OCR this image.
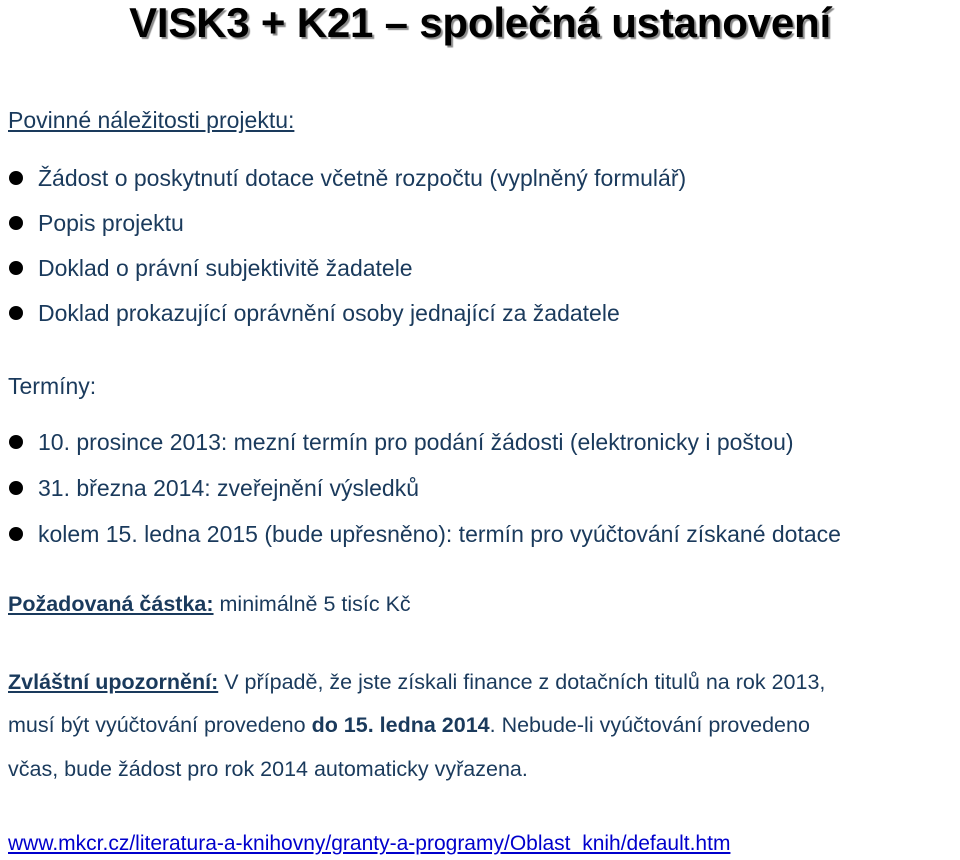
VISK3 + K21 – společná ustanovení
Povinné náležitosti projektu:
Žádost o poskytnutí dotace včetně rozpočtu (vyplněný formulář)
Popis projektu
Doklad o právní subjektivitě žadatele
Doklad prokazující oprávnění osoby jednající za žadatele
Termíny:
10. prosince 2013: mezní termín pro podání žádosti (elektronicky i poštou)
31. března 2014: zveřejnění výsledků
kolem 15. ledna 2015 (bude upřesněno): termín pro vyúčtování získané dotace
Požadovaná částka: minimálně 5 tisíc Kč
Zvláštní upozornění: V případě, že jste získali finance z dotačních titulů na rok 2013,
musí být vyúčtování provedeno do 15. ledna 2014. Nebude-li vyúčtování provedeno
včas, bude žádost pro rok 2014 automaticky vyřazena.
www.mkcr.cz/literatura-a-knihovny/granty-a-programy/Oblast_knih/default.htm
